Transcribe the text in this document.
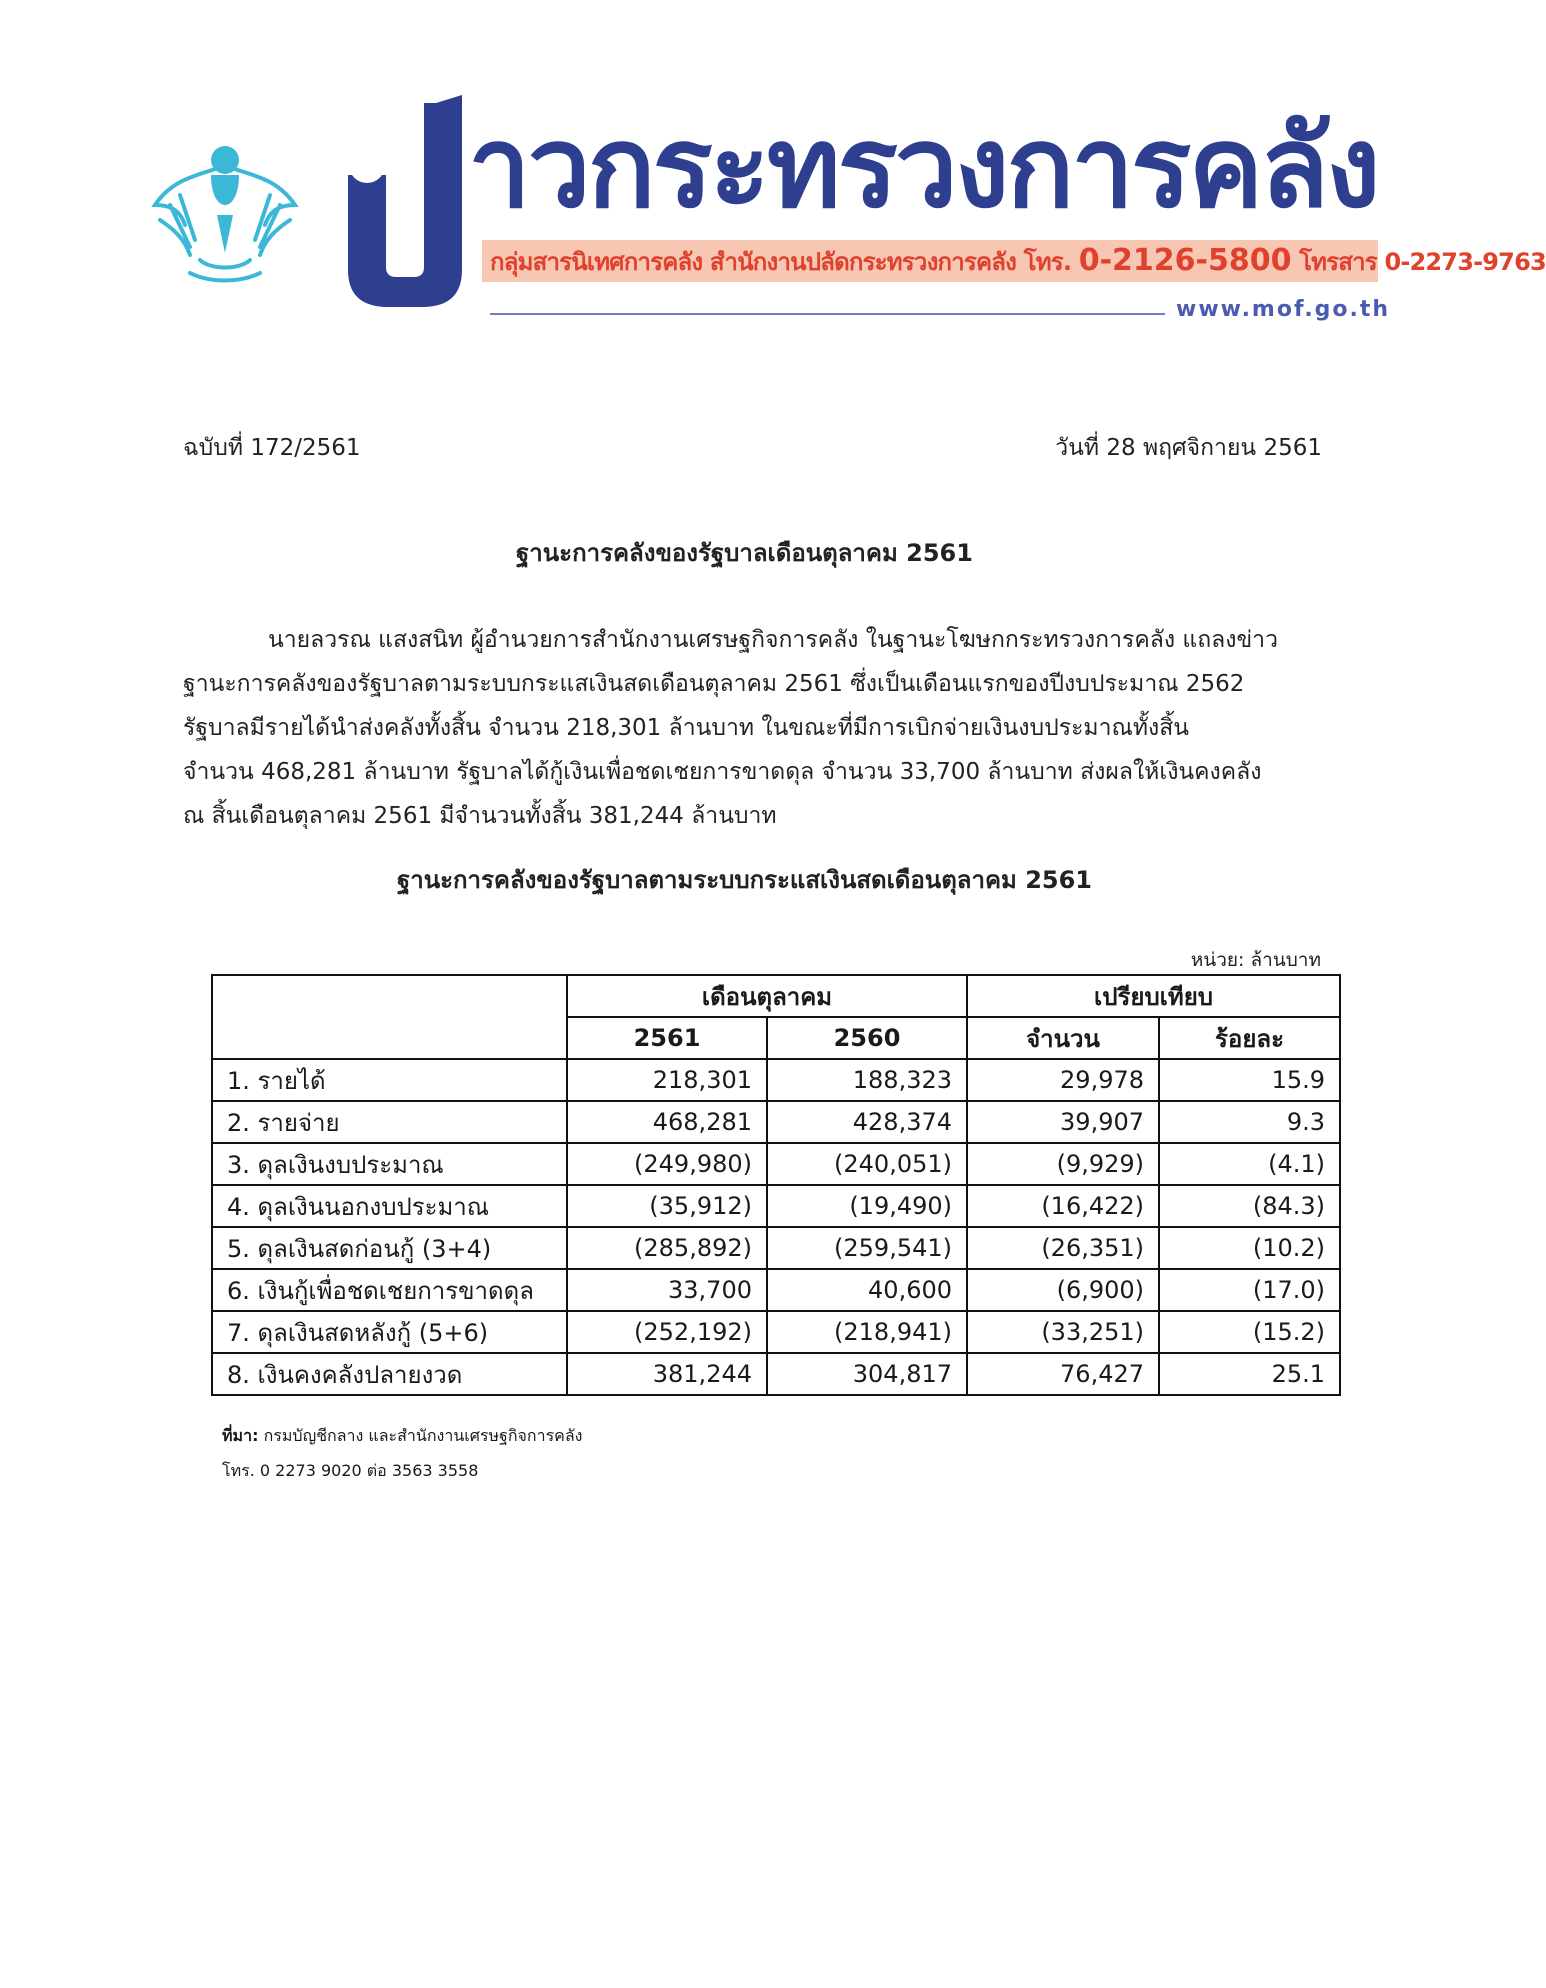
าวกระทรวงการคลัง
กลุ่มสารนิเทศการคลัง สำนักงานปลัดกระทรวงการคลัง โทร. 0-2126-5800 โทรสาร 0-2273-9763
www.mof.go.th
ฉบับที่ 172/2561	วันที่ 28 พฤศจิกายน 2561
ฐานะการคลังของรัฐบาลเดือนตุลาคม 2561
นายลวรณ แสงสนิท ผู้อำนวยการสำนักงานเศรษฐกิจการคลัง ในฐานะโฆษกกระทรวงการคลัง แถลงข่าว
ฐานะการคลังของรัฐบาลตามระบบกระแสเงินสดเดือนตุลาคม 2561 ซึ่งเป็นเดือนแรกของปีงบประมาณ 2562
รัฐบาลมีรายได้นำส่งคลังทั้งสิ้น จำนวน 218,301 ล้านบาท ในขณะที่มีการเบิกจ่ายเงินงบประมาณทั้งสิ้น
จำนวน 468,281 ล้านบาท รัฐบาลได้กู้เงินเพื่อชดเชยการขาดดุล จำนวน 33,700 ล้านบาท ส่งผลให้เงินคงคลัง
ณ สิ้นเดือนตุลาคม 2561 มีจำนวนทั้งสิ้น 381,244 ล้านบาท
ฐานะการคลังของรัฐบาลตามระบบกระแสเงินสดเดือนตุลาคม 2561
หน่วย: ล้านบาท
	เดือนตุลาคม		เปรียบเทียบ	
	2561	2560	จำนวน	ร้อยละ
1. รายได้	218,301	188,323	29,978	15.9
2. รายจ่าย	468,281	428,374	39,907	9.3
3. ดุลเงินงบประมาณ	(249,980)	(240,051)	(9,929)	(4.1)
4. ดุลเงินนอกงบประมาณ	(35,912)	(19,490)	(16,422)	(84.3)
5. ดุลเงินสดก่อนกู้ (3+4)	(285,892)	(259,541)	(26,351)	(10.2)
6. เงินกู้เพื่อชดเชยการขาดดุล	33,700	40,600	(6,900)	(17.0)
7. ดุลเงินสดหลังกู้ (5+6)	(252,192)	(218,941)	(33,251)	(15.2)
8. เงินคงคลังปลายงวด	381,244	304,817	76,427	25.1
ที่มา: กรมบัญชีกลาง และสำนักงานเศรษฐกิจการคลัง
โทร. 0 2273 9020 ต่อ 3563 3558
